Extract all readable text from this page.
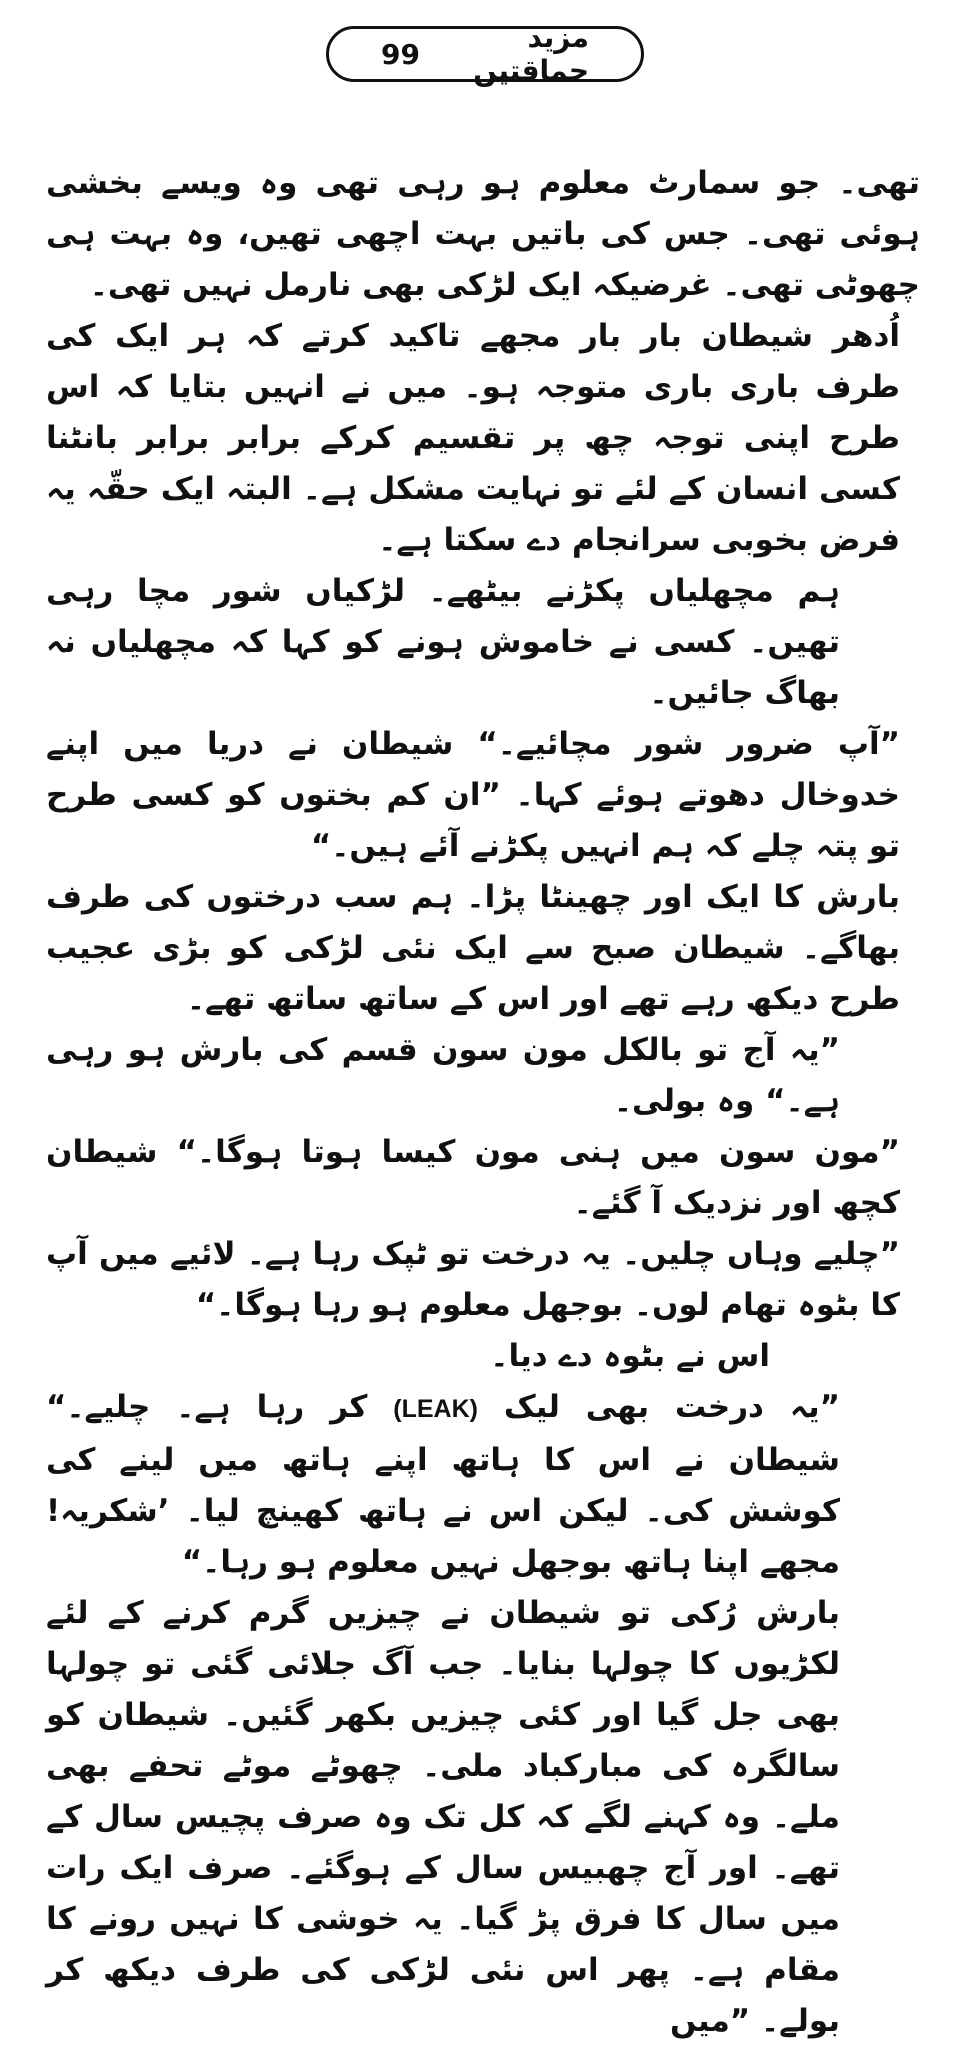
99	مزید حماقتیں

تھی۔ جو سمارٹ معلوم ہو رہی تھی وہ ویسے بخشی ہوئی تھی۔ جس کی باتیں بہت اچھی تھیں، وہ بہت ہی چھوٹی تھی۔ غرضیکہ ایک لڑکی بھی نارمل نہیں تھی۔

اُدھر شیطان بار بار مجھے تاکید کرتے کہ ہر ایک کی طرف باری باری متوجہ ہو۔ میں نے انہیں بتایا کہ اس طرح اپنی توجہ چھ پر تقسیم کرکے برابر برابر بانٹنا کسی انسان کے لئے تو نہایت مشکل ہے۔ البتہ ایک حقّہ یہ فرض بخوبی سرانجام دے سکتا ہے۔

ہم مچھلیاں پکڑنے بیٹھے۔ لڑکیاں شور مچا رہی تھیں۔ کسی نے خاموش ہونے کو کہا کہ مچھلیاں نہ بھاگ جائیں۔

”آپ ضرور شور مچائیے۔“ شیطان نے دریا میں اپنے خدوخال دھوتے ہوئے کہا۔ ”ان کم بختوں کو کسی طرح تو پتہ چلے کہ ہم انہیں پکڑنے آئے ہیں۔“

بارش کا ایک اور چھینٹا پڑا۔ ہم سب درختوں کی طرف بھاگے۔ شیطان صبح سے ایک نئی لڑکی کو بڑی عجیب طرح دیکھ رہے تھے اور اس کے ساتھ ساتھ تھے۔

”یہ آج تو بالکل مون سون قسم کی بارش ہو رہی ہے۔“ وہ بولی۔

”مون سون میں ہنی مون کیسا ہوتا ہوگا۔“ شیطان کچھ اور نزدیک آ گئے۔

”چلیے وہاں چلیں۔ یہ درخت تو ٹپک رہا ہے۔ لائیے میں آپ کا بٹوہ تھام لوں۔ بوجھل معلوم ہو رہا ہوگا۔“

اس نے بٹوہ دے دیا۔

”یہ درخت بھی لیک (LEAK) کر رہا ہے۔ چلیے۔“ شیطان نے اس کا ہاتھ اپنے ہاتھ میں لینے کی کوشش کی۔ لیکن اس نے ہاتھ کھینچ لیا۔ ’شکریہ! مجھے اپنا ہاتھ بوجھل نہیں معلوم ہو رہا۔“

بارش رُکی تو شیطان نے چیزیں گرم کرنے کے لئے لکڑیوں کا چولہا بنایا۔ جب آگ جلائی گئی تو چولہا بھی جل گیا اور کئی چیزیں بکھر گئیں۔ شیطان کو سالگرہ کی مبارکباد ملی۔ چھوٹے موٹے تحفے بھی ملے۔ وہ کہنے لگے کہ کل تک وہ صرف پچیس سال کے تھے۔ اور آج چھبیس سال کے ہوگئے۔ صرف ایک رات میں سال کا فرق پڑ گیا۔ یہ خوشی کا نہیں رونے کا مقام ہے۔ پھر اس نئی لڑکی کی طرف دیکھ کر بولے۔ ”میں
